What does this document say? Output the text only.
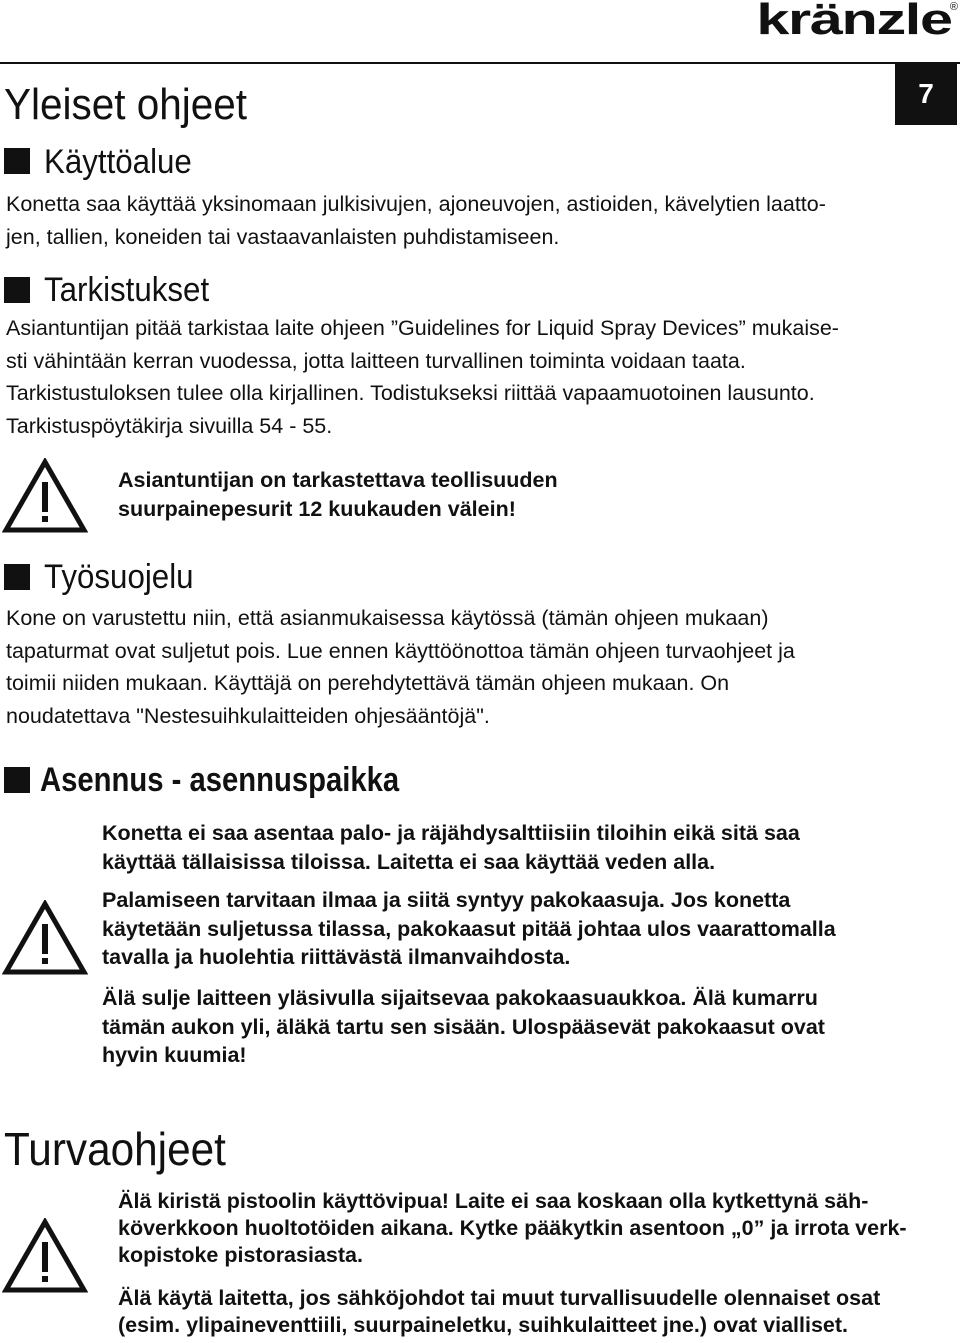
kränzle
®
7
Yleiset ohjeet
Käyttöalue
Konetta saa käyttää yksinomaan julkisivujen, ajoneuvojen, astioiden, kävelytien laatto-
jen, tallien, koneiden tai vastaavanlaisten puhdistamiseen.
Tarkistukset
Asiantuntijan pitää tarkistaa laite ohjeen ”Guidelines for Liquid Spray Devices” mukaise-
sti vähintään kerran vuodessa, jotta laitteen turvallinen toiminta voidaan taata.
Tarkistustuloksen tulee olla kirjallinen. Todistukseksi riittää vapaamuotoinen lausunto.
Tarkistuspöytäkirja sivuilla 54 - 55.
Asiantuntijan on tarkastettava teollisuuden
suurpainepesurit 12 kuukauden välein!
Työsuojelu
Kone on varustettu niin, että asianmukaisessa käytössä (tämän ohjeen mukaan)
tapaturmat ovat suljetut pois. Lue ennen käyttöönottoa tämän ohjeen turvaohjeet ja
toimii niiden mukaan. Käyttäjä on perehdytettävä tämän ohjeen mukaan. On
noudatettava "Nestesuihkulaitteiden ohjesääntöjä".
Asennus - asennuspaikka
Konetta ei saa asentaa palo- ja räjähdysalttiisiin tiloihin eikä sitä saa
käyttää tällaisissa tiloissa. Laitetta ei saa käyttää veden alla.
Palamiseen tarvitaan ilmaa ja siitä syntyy pakokaasuja. Jos konetta
käytetään suljetussa tilassa, pakokaasut pitää johtaa ulos vaarattomalla
tavalla ja huolehtia riittävästä ilmanvaihdosta.
Älä sulje laitteen yläsivulla sijaitsevaa pakokaasuaukkoa. Älä kumarru
tämän aukon yli, äläkä tartu sen sisään. Ulospääsevät pakokaasut ovat
hyvin kuumia!
Turvaohjeet
Älä kiristä pistoolin käyttövipua! Laite ei saa koskaan olla kytkettynä säh-
köverkkoon huoltotöiden aikana. Kytke pääkytkin asentoon „0” ja irrota verk-
kopistoke pistorasiasta.
Älä käytä laitetta, jos sähköjohdot tai muut turvallisuudelle olennaiset osat
(esim. ylipaineventtiili, suurpaineletku, suihkulaitteet jne.) ovat vialliset.
